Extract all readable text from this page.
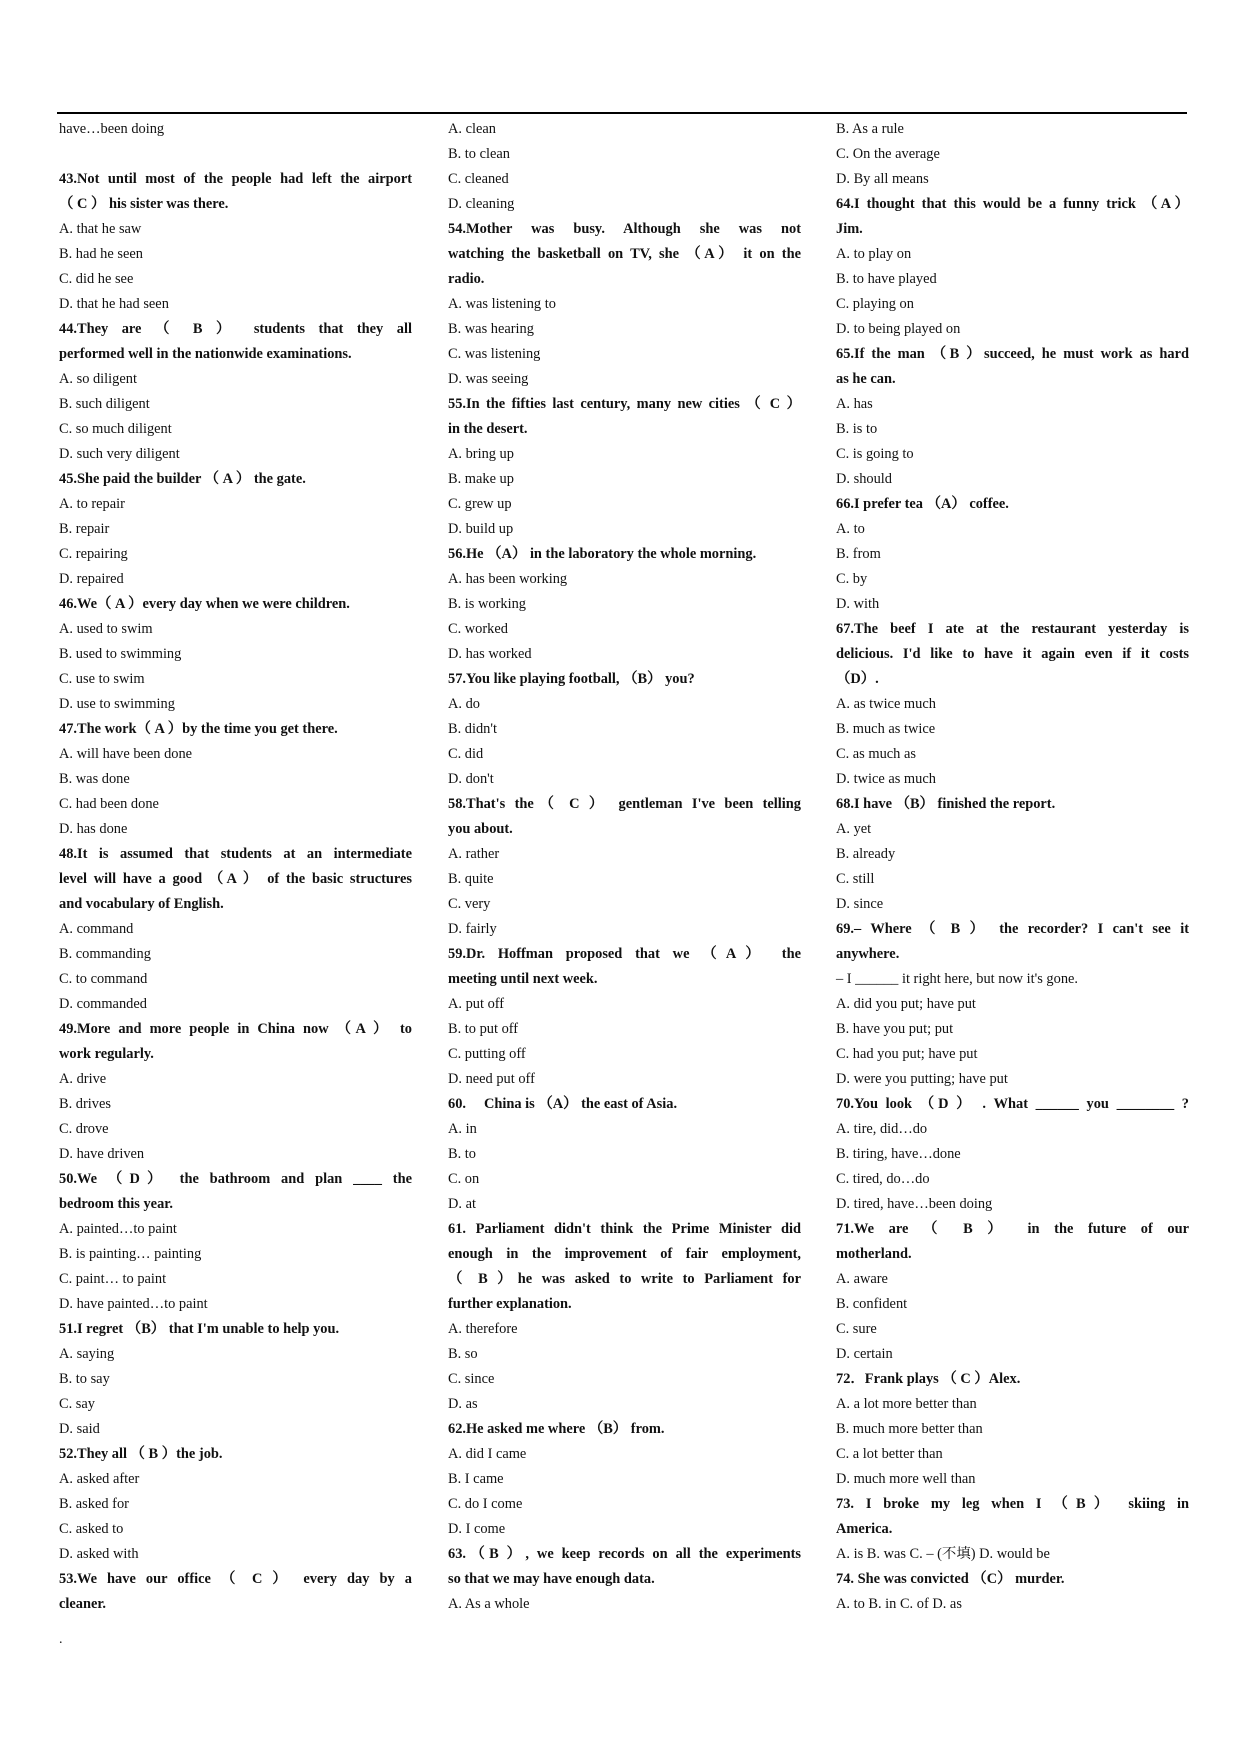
have…been doing
43.Not until most of the people had left the airport
（ C ） his sister was there.
A. that he saw
B. had he seen
C. did he see
D. that he had seen
44.They are （ B ） students that they all
performed well in the nationwide examinations.
A. so diligent
B. such diligent
C. so much diligent
D. such very diligent
45.She paid the builder （ A ） the gate.
A. to repair
B. repair
C. repairing
D. repaired
46.We（ A ）every day when we were children.
A. used to swim
B. used to swimming
C. use to swim
D. use to swimming
47.The work（ A ）by the time you get there.
A. will have been done
B. was done
C. had been done
D. has done
48.It is assumed that students at an intermediate
level will have a good （A ） of the basic structures
and vocabulary of English.
A. command
B. commanding
C. to command
D. commanded
49.More and more people in China now （A ） to
work regularly.
A. drive
B. drives
C. drove
D. have driven
50.We （D） the bathroom and plan ____ the
bedroom this year.
A. painted…to paint
B. is painting… painting
C. paint… to paint
D. have painted…to paint
51.I regret （B） that I'm unable to help you.
A. saying
B. to say
C. say
D. said
52.They all （ B ）the job.
A. asked after
B. asked for
C. asked to
D. asked with
53.We have our office （ C ） every day by a
cleaner.
A. clean
B. to clean
C. cleaned
D. cleaning
54.Mother was busy. Although she was not
watching the basketball on TV, she （A） it on the
radio.
A. was listening to
B. was hearing
C. was listening
D. was seeing
55.In the fifties last century, many new cities （ C ）
in the desert.
A. bring up
B. make up
C. grew up
D. build up
56.He （A） in the laboratory the whole morning.
A. has been working
B. is working
C. worked
D. has worked
57.You like playing football, （B） you?
A. do
B. didn't
C. did
D. don't
58.That's the（ C ） gentleman I've been telling
you about.
A. rather
B. quite
C. very
D. fairly
59.Dr. Hoffman proposed that we （A） the
meeting until next week.
A. put off
B. to put off
C. putting off
D. need put off
60.　 China is （A） the east of Asia.
A. in
B. to
C. on
D. at
61. Parliament didn't think the Prime Minister did
enough in the improvement of fair employment,
（ B ）he was asked to write to Parliament for
further explanation.
A. therefore
B. so
C. since
D. as
62.He asked me where （B） from.
A. did I came
B. I came
C. do I come
D. I come
63.（B ）, we keep records on all the experiments
so that we may have enough data.
A. As a whole
B. As a rule
C. On the average
D. By all means
64.I thought that this would be a funny trick （A）
Jim.
A. to play on
B. to have played
C. playing on
D. to being played on
65.If the man （B ）succeed, he must work as hard
as he can.
A. has
B. is to
C. is going to
D. should
66.I prefer tea （A） coffee.
A. to
B. from
C. by
D. with
67.The beef I ate at the restaurant yesterday is
delicious. I'd like to have it again even if it costs
（D）.
A. as twice much
B. much as twice
C. as much as
D. twice as much
68.I have （B） finished the report.
A. yet
B. already
C. still
D. since
69.– Where （ B ） the recorder? I can't see it
anywhere.
– I ______ it right here, but now it's gone.
A. did you put; have put
B. have you put; put
C. had you put; have put
D. were you putting; have put
70.You look （D ） . What ______ you ________ ?
A. tire, did…do
B. tiring, have…done
C. tired, do…do
D. tired, have…been doing
71.We are （ B ） in the future of our
motherland.
A. aware
B. confident
C. sure
D. certain
72．Frank plays （ C ）Alex.
A. a lot more better than
B. much more better than
C. a lot better than
D. much more well than
73. I broke my leg when I （B） skiing in
America.
A. is B. was C. – (不填) D. would be
74. She was convicted （C） murder.
A. to B. in C. of D. as
.
